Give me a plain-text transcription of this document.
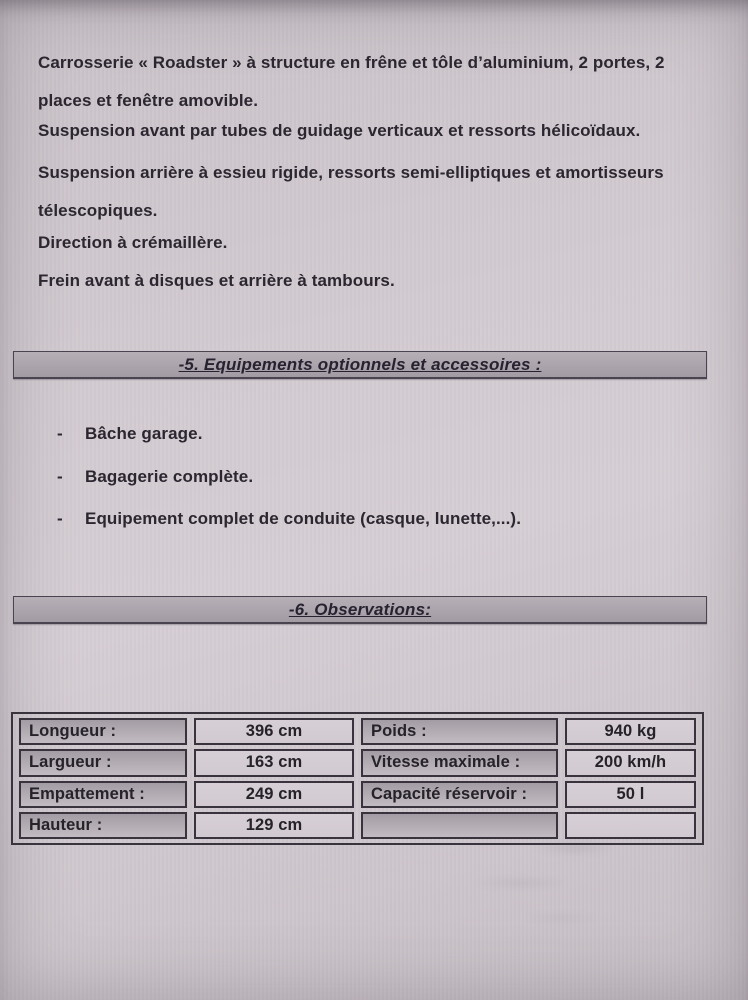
Carrosserie « Roadster » à structure en frêne et tôle d’aluminium, 2 portes, 2
places et fenêtre amovible.
Suspension avant par tubes de guidage verticaux et ressorts hélicoïdaux.
Suspension arrière à essieu rigide, ressorts semi-elliptiques et amortisseurs
télescopiques.
Direction à crémaillère.
Frein avant à disques et arrière à tambours.
-5. Equipements optionnels et accessoires :
-	Bâche garage.
-	Bagagerie complète.
-	Equipement complet de conduite (casque, lunette,...).
-6. Observations:
Longueur :	396 cm	Poids :	940 kg
Largueur :	163 cm	Vitesse maximale :	200 km/h
Empattement :	249 cm	Capacité réservoir :	50 l
Hauteur :	129 cm
